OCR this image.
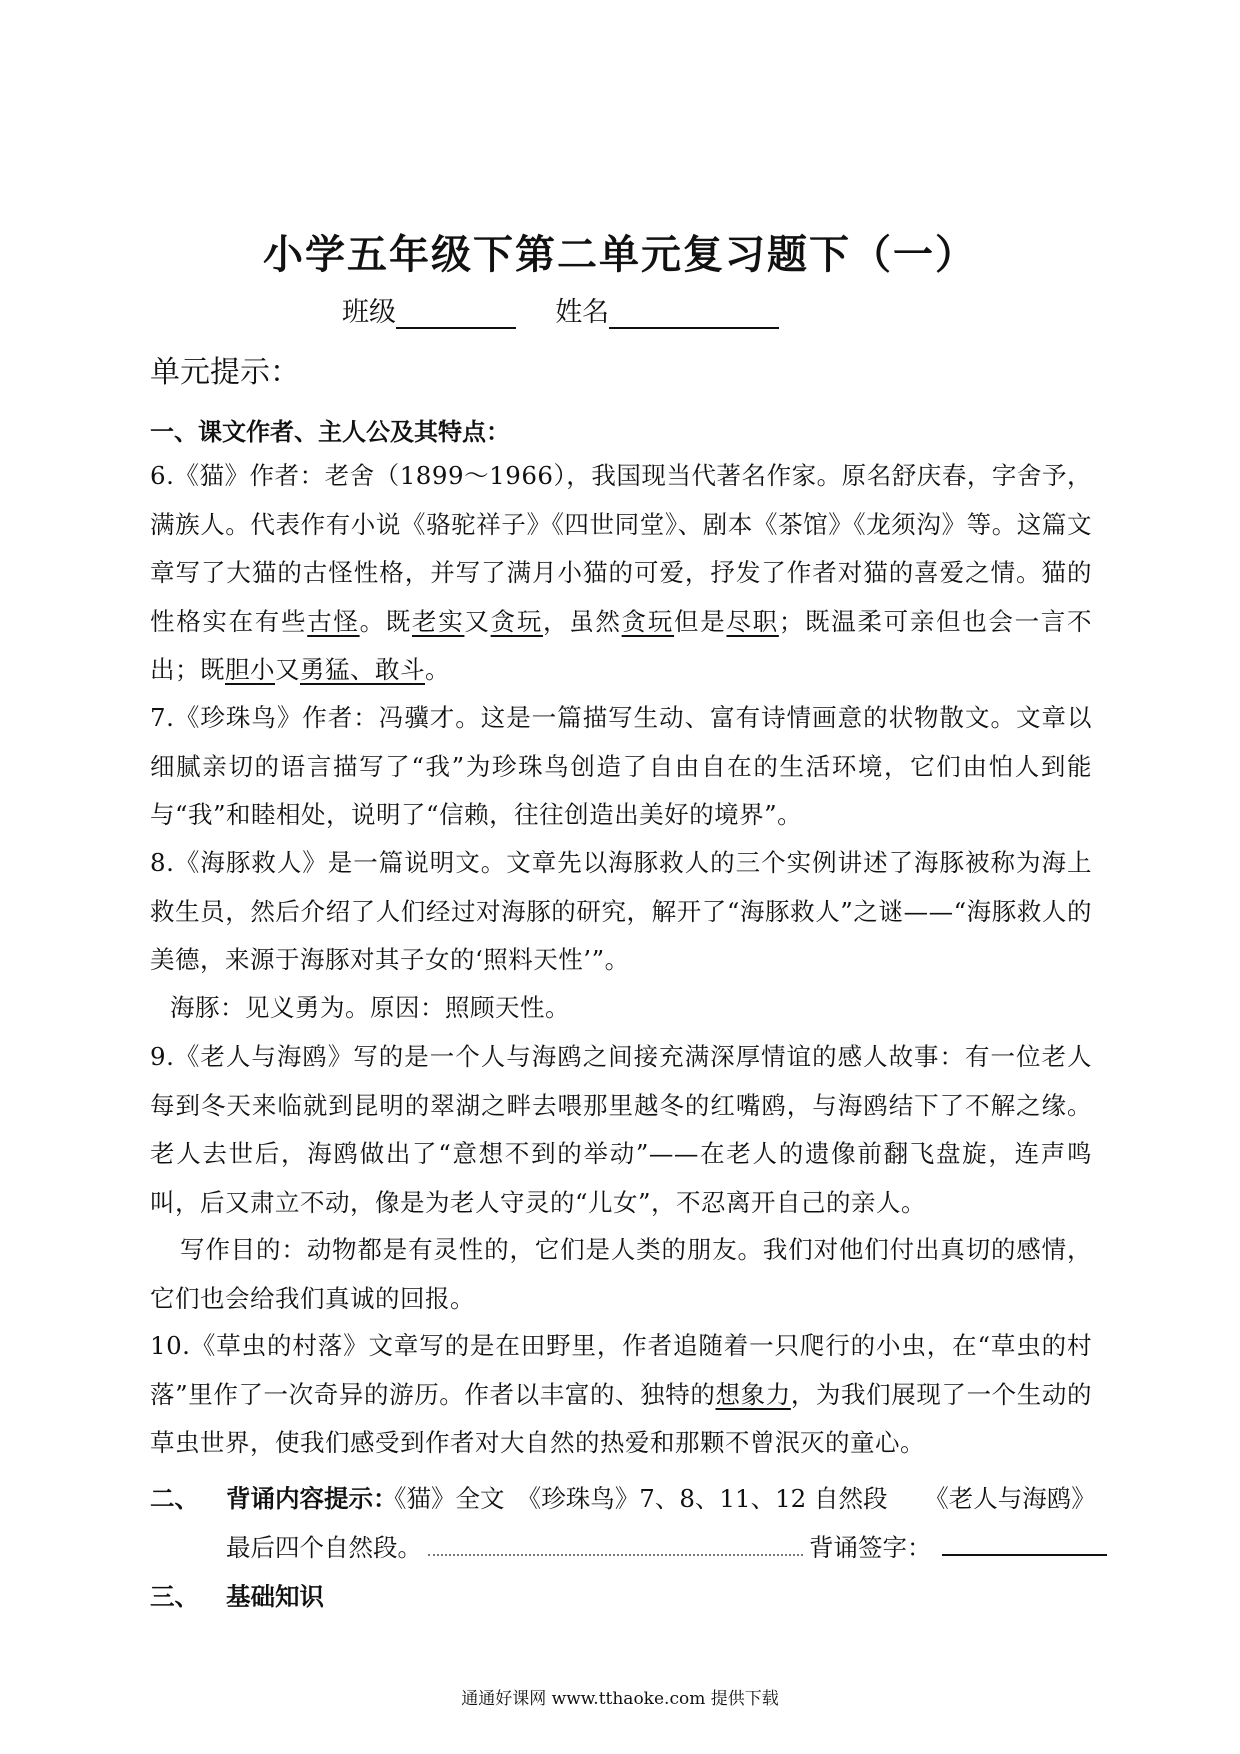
小学五年级下第二单元复习题下（一）
班级	姓名
单元提示：
一、课文作者、主人公及其特点：

6.《猫》作者：老舍（1899～1966），我国现当代著名作家。原名舒庆春，字舍予，满族人。代表作有小说《骆驼祥子》《四世同堂》、剧本《茶馆》《龙须沟》等。这篇文章写了大猫的古怪性格，并写了满月小猫的可爱，抒发了作者对猫的喜爱之情。猫的性格实在有些古怪。既老实又贪玩，虽然贪玩但是尽职；既温柔可亲但也会一言不出；既胆小又勇猛、敢斗。

7.《珍珠鸟》作者：冯骥才。这是一篇描写生动、富有诗情画意的状物散文。文章以细腻亲切的语言描写了“我”为珍珠鸟创造了自由自在的生活环境，它们由怕人到能与“我”和睦相处，说明了“信赖，往往创造出美好的境界”。

8.《海豚救人》是一篇说明文。文章先以海豚救人的三个实例讲述了海豚被称为海上救生员，然后介绍了人们经过对海豚的研究，解开了“海豚救人”之谜——“海豚救人的美德，来源于海豚对其子女的‘照料天性’”。

海豚：见义勇为。原因：照顾天性。

9.《老人与海鸥》写的是一个人与海鸥之间接充满深厚情谊的感人故事：有一位老人每到冬天来临就到昆明的翠湖之畔去喂那里越冬的红嘴鸥，与海鸥结下了不解之缘。老人去世后，海鸥做出了“意想不到的举动”——在老人的遗像前翻飞盘旋，连声鸣叫，后又肃立不动，像是为老人守灵的“儿女”，不忍离开自己的亲人。

写作目的：动物都是有灵性的，它们是人类的朋友。我们对他们付出真切的感情，它们也会给我们真诚的回报。

10.《草虫的村落》文章写的是在田野里，作者追随着一只爬行的小虫，在“草虫的村落”里作了一次奇异的游历。作者以丰富的、独特的想象力，为我们展现了一个生动的草虫世界，使我们感受到作者对大自然的热爱和那颗不曾泯灭的童心。

二、 背诵内容提示：
《猫》全文　《珍珠鸟》7、8、11、12 自然段　　《老人与海鸥》
最后四个自然段。	背诵签字：
三、 基础知识
通通好课网 www.tthaoke.com 提供下载
